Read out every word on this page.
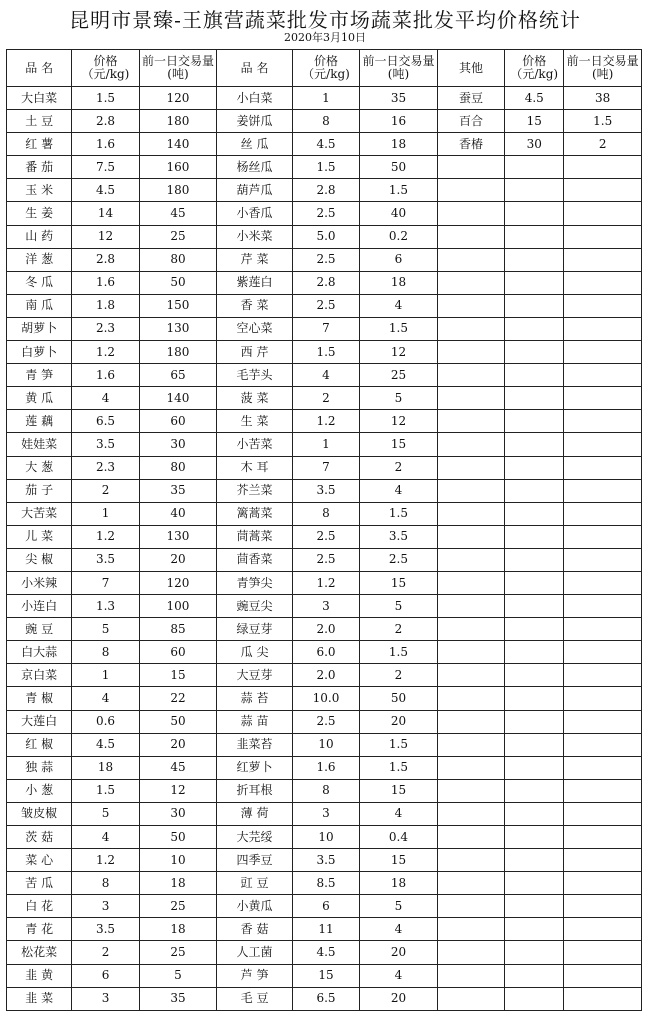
昆明市景臻-王旗营蔬菜批发市场蔬菜批发平均价格统计
2020年3月10日
品 名	价格（元/kg)	前一日交易量(吨)	品 名	价格（元/kg)	前一日交易量(吨)	其他	价格（元/kg)	前一日交易量(吨)
大白菜	1.5	120	小白菜	1	35	蚕豆	4.5	38
土 豆	2.8	180	姜饼瓜	8	16	百合	15	1.5
红 薯	1.6	140	丝 瓜	4.5	18	香椿	30	2
番 茄	7.5	160	杨丝瓜	1.5	50			
玉 米	4.5	180	葫芦瓜	2.8	1.5			
生 姜	14	45	小香瓜	2.5	40			
山 药	12	25	小米菜	5.0	0.2			
洋 葱	2.8	80	芹 菜	2.5	6			
冬 瓜	1.6	50	紫莲白	2.8	18			
南 瓜	1.8	150	香 菜	2.5	4			
胡萝卜	2.3	130	空心菜	7	1.5			
白萝卜	1.2	180	西 芹	1.5	12			
青 笋	1.6	65	毛芋头	4	25			
黄 瓜	4	140	菠 菜	2	5			
莲 藕	6.5	60	生 菜	1.2	12			
娃娃菜	3.5	30	小苦菜	1	15			
大 葱	2.3	80	木 耳	7	2			
茄 子	2	35	芥兰菜	3.5	4			
大苦菜	1	40	篱蒿菜	8	1.5			
儿 菜	1.2	130	茼蒿菜	2.5	3.5			
尖 椒	3.5	20	茴香菜	2.5	2.5			
小米辣	7	120	青笋尖	1.2	15			
小连白	1.3	100	豌豆尖	3	5			
豌 豆	5	85	绿豆芽	2.0	2			
白大蒜	8	60	瓜 尖	6.0	1.5			
京白菜	1	15	大豆芽	2.0	2			
青 椒	4	22	蒜 苔	10.0	50			
大莲白	0.6	50	蒜 苗	2.5	20			
红 椒	4.5	20	韭菜苔	10	1.5			
独 蒜	18	45	红萝卜	1.6	1.5			
小 葱	1.5	12	折耳根	8	15			
皱皮椒	5	30	薄 荷	3	4			
茨 菇	4	50	大芫绥	10	0.4			
菜 心	1.2	10	四季豆	3.5	15			
苦 瓜	8	18	豇 豆	8.5	18			
白 花	3	25	小黄瓜	6	5			
青 花	3.5	18	香 菇	11	4			
松花菜	2	25	人工菌	4.5	20			
韭 黄	6	5	芦 笋	15	4			
韭 菜	3	35	毛 豆	6.5	20			
